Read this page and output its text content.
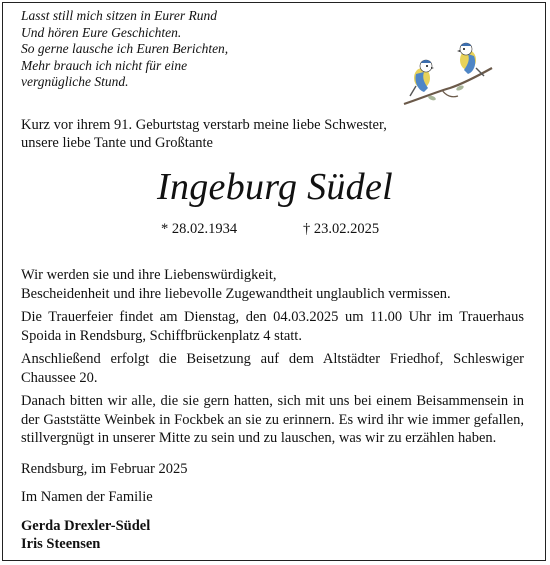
Lasst still mich sitzen in Eurer Rund
Und hören Eure Geschichten.
So gerne lausche ich Euren Berichten,
Mehr brauch ich nicht für eine
vergnügliche Stund.
Kurz vor ihrem 91. Geburtstag verstarb meine liebe Schwester,
unsere liebe Tante und Großtante
Ingeburg Südel
* 28.02.1934	† 23.02.2025

Wir werden sie und ihre Liebenswürdigkeit,
Bescheidenheit und ihre liebevolle Zugewandtheit unglaublich vermissen.

Die Trauerfeier findet am Dienstag, den 04.03.2025 um 11.00 Uhr im Trauerhaus Spoida in Rendsburg, Schiffbrückenplatz 4 statt.

Anschließend erfolgt die Beisetzung auf dem Altstädter Friedhof, Schleswiger Chaussee 20.

Danach bitten wir alle, die sie gern hatten, sich mit uns bei einem Beisammensein in der Gaststätte Weinbek in Fockbek an sie zu erinnern. Es wird ihr wie immer gefallen, stillvergnügt in unserer Mitte zu sein und zu lauschen, was wir zu erzählen haben.

Rendsburg, im Februar 2025
Im Namen der Familie
Gerda Drexler-Südel
Iris Steensen
